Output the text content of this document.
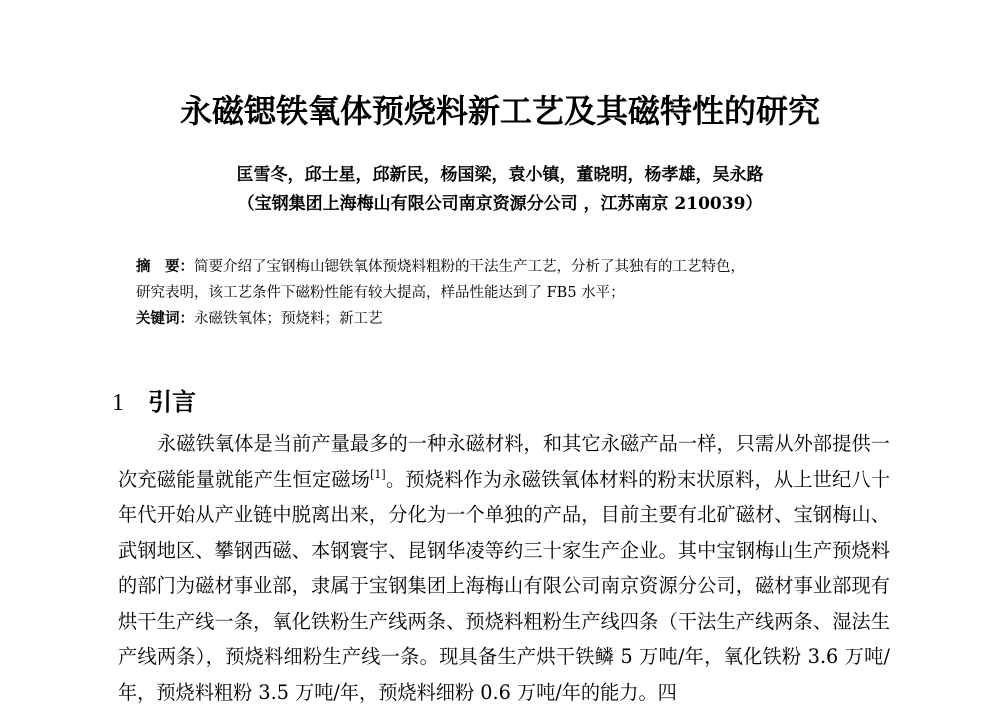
永磁锶铁氧体预烧料新工艺及其磁特性的研究
匡雪冬，邱士星，邱新民，杨国梁，袁小镇，董晓明，杨孝雄，吴永路
（宝钢集团上海梅山有限公司南京资源分公司 ，江苏南京 210039）

摘　要：简要介绍了宝钢梅山锶铁氧体预烧料粗粉的干法生产工艺，分析了其独有的工艺特色，

研究表明，该工艺条件下磁粉性能有较大提高，样品性能达到了 FB5 水平；

关键词：永磁铁氧体；预烧料；新工艺

1 引言

永磁铁氧体是当前产量最多的一种永磁材料，和其它永磁产品一样，只需从外部提供一次充磁能量就能产生恒定磁场[1]。预烧料作为永磁铁氧体材料的粉末状原料，从上世纪八十年代开始从产业链中脱离出来，分化为一个单独的产品，目前主要有北矿磁材、宝钢梅山、武钢地区、攀钢西磁、本钢寰宇、昆钢华凌等约三十家生产企业。其中宝钢梅山生产预烧料的部门为磁材事业部，隶属于宝钢集团上海梅山有限公司南京资源分公司，磁材事业部现有烘干生产线一条，氧化铁粉生产线两条、预烧料粗粉生产线四条（干法生产线两条、湿法生产线两条），预烧料细粉生产线一条。现具备生产烘干铁鳞 5 万吨/年，氧化铁粉 3.6 万吨/年，预烧料粗粉 3.5 万吨/年，预烧料细粉 0.6 万吨/年的能力。四
